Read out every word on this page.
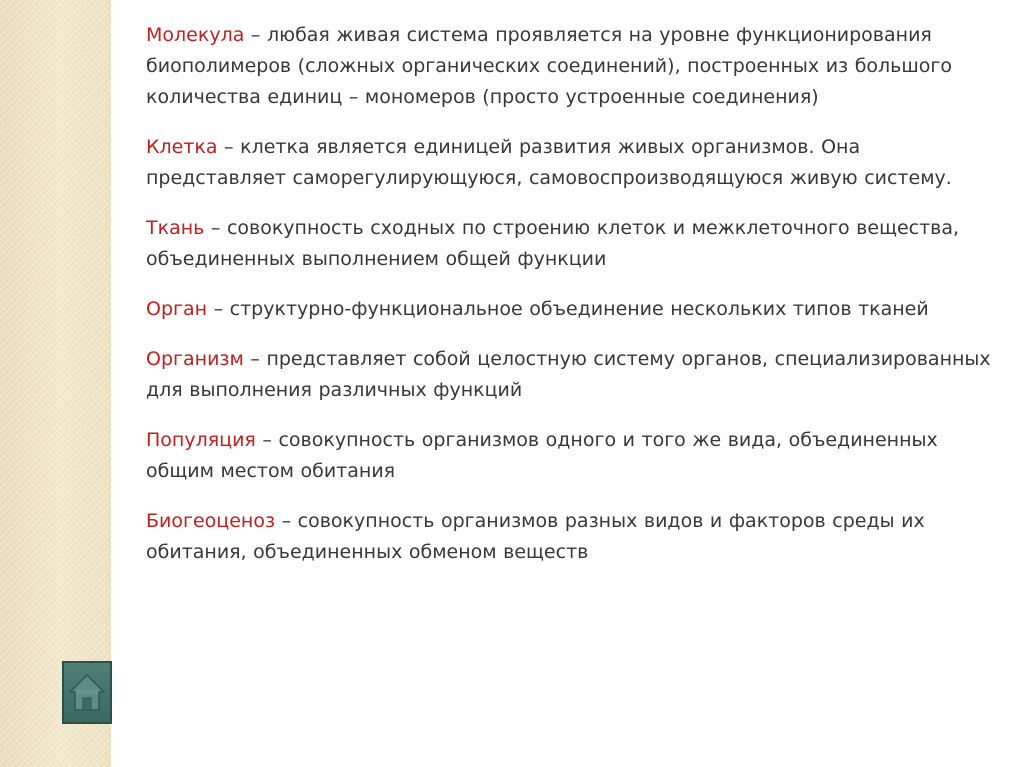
Молекула – любая живая система проявляется на уровне функционирования биополимеров (сложных органических соединений), построенных из большого количества единиц – мономеров (просто устроенные соединения)

Клетка – клетка является единицей развития живых организмов. Она представляет саморегулирующуюся, самовоспроизводящуюся живую систему.

Ткань – совокупность сходных по строению клеток и межклеточного вещества, объединенных выполнением общей функции

Орган – структурно-функциональное объединение нескольких типов тканей

Организм – представляет собой целостную систему органов, специализированных для выполнения различных функций

Популяция – совокупность организмов одного и того же вида, объединенных общим местом обитания

Биогеоценоз – совокупность организмов разных видов и факторов среды их обитания, объединенных обменом веществ
